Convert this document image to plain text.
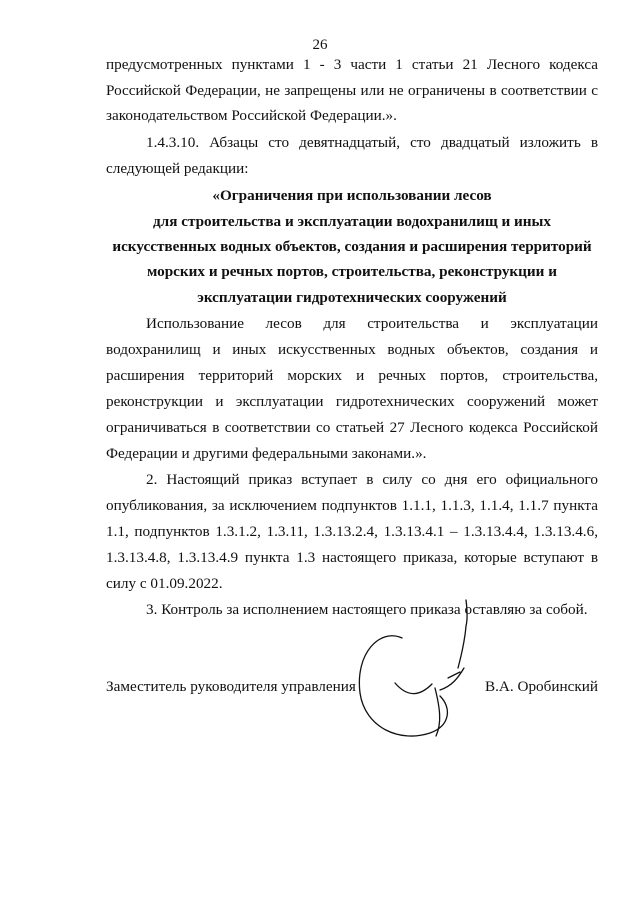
26
предусмотренных пунктами 1 - 3 части 1 статьи 21 Лесного кодекса
Российской Федерации, не запрещены или не ограничены в соответствии с
законодательством Российской Федерации.».
1.4.3.10. Абзацы сто девятнадцатый, сто двадцатый изложить в
следующей редакции:
«Ограничения при использовании лесов
для строительства и эксплуатации водохранилищ и иных
искусственных водных объектов, создания и расширения территорий
морских и речных портов, строительства, реконструкции и
эксплуатации гидротехнических сооружений
Использование лесов для строительства и эксплуатации
водохранилищ и иных искусственных водных объектов, создания и
расширения территорий морских и речных портов, строительства,
реконструкции и эксплуатации гидротехнических сооружений может
ограничиваться в соответствии со статьей 27 Лесного кодекса Российской
Федерации и другими федеральными законами.».
2. Настоящий приказ вступает в силу со дня его официального
опубликования, за исключением подпунктов 1.1.1, 1.1.3, 1.1.4, 1.1.7 пункта
1.1, подпунктов 1.3.1.2, 1.3.11, 1.3.13.2.4, 1.3.13.4.1 – 1.3.13.4.4, 1.3.13.4.6,
1.3.13.4.8, 1.3.13.4.9 пункта 1.3 настоящего приказа, которые вступают в
силу с 01.09.2022.
3. Контроль за исполнением настоящего приказа оставляю за собой.
Заместитель руководителя управления	В.А. Оробинский
